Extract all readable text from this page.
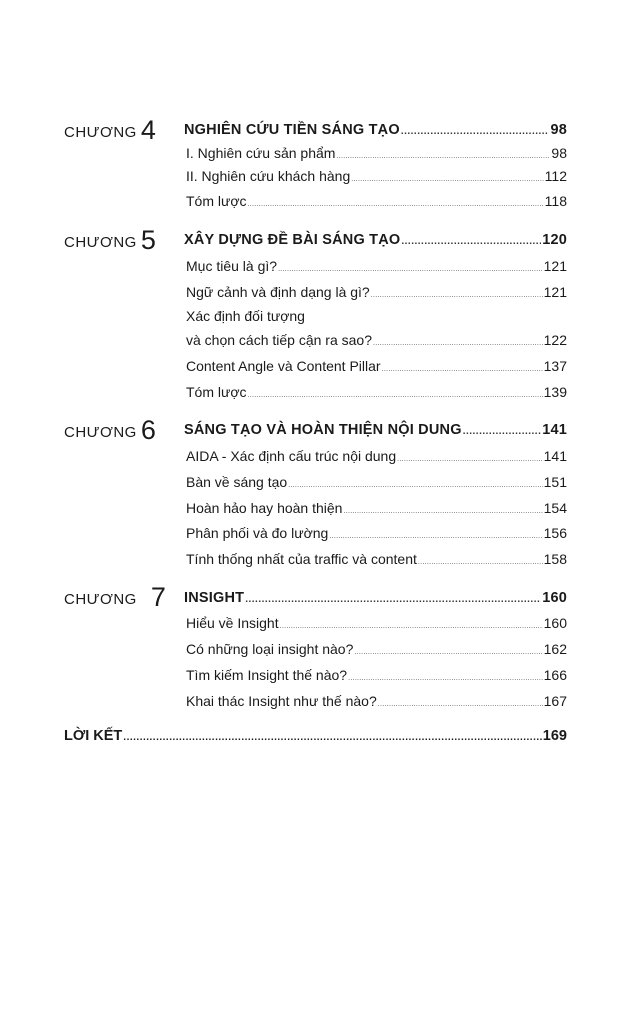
CHƯƠNG 4 NGHIÊN CỨU TIỀN SÁNG TẠO .....	98
I. Nghiên cứu sản phẩm .....	98
II. Nghiên cứu khách hàng .....	112
Tóm lược .....	118
CHƯƠNG 5 XÂY DỰNG ĐỀ BÀI SÁNG TẠO .....	120
Mục tiêu là gì? .....	121
Ngữ cảnh và định dạng là gì? .....	121
Xác định đối tượng
và chọn cách tiếp cận ra sao? .....	122
Content Angle và Content Pillar .....	137
Tóm lược .....	139
CHƯƠNG 6 SÁNG TẠO VÀ HOÀN THIỆN NỘI DUNG .....	141
AIDA - Xác định cấu trúc nội dung .....	141
Bàn về sáng tạo .....	151
Hoàn hảo hay hoàn thiện .....	154
Phân phối và đo lường .....	156
Tính thống nhất của traffic và content .....	158
CHƯƠNG 7 INSIGHT .....	160
Hiểu về Insight .....	160
Có những loại insight nào? .....	162
Tìm kiếm Insight thế nào? .....	166
Khai thác Insight như thế nào? .....	167
LỜI KẾT .....	169
